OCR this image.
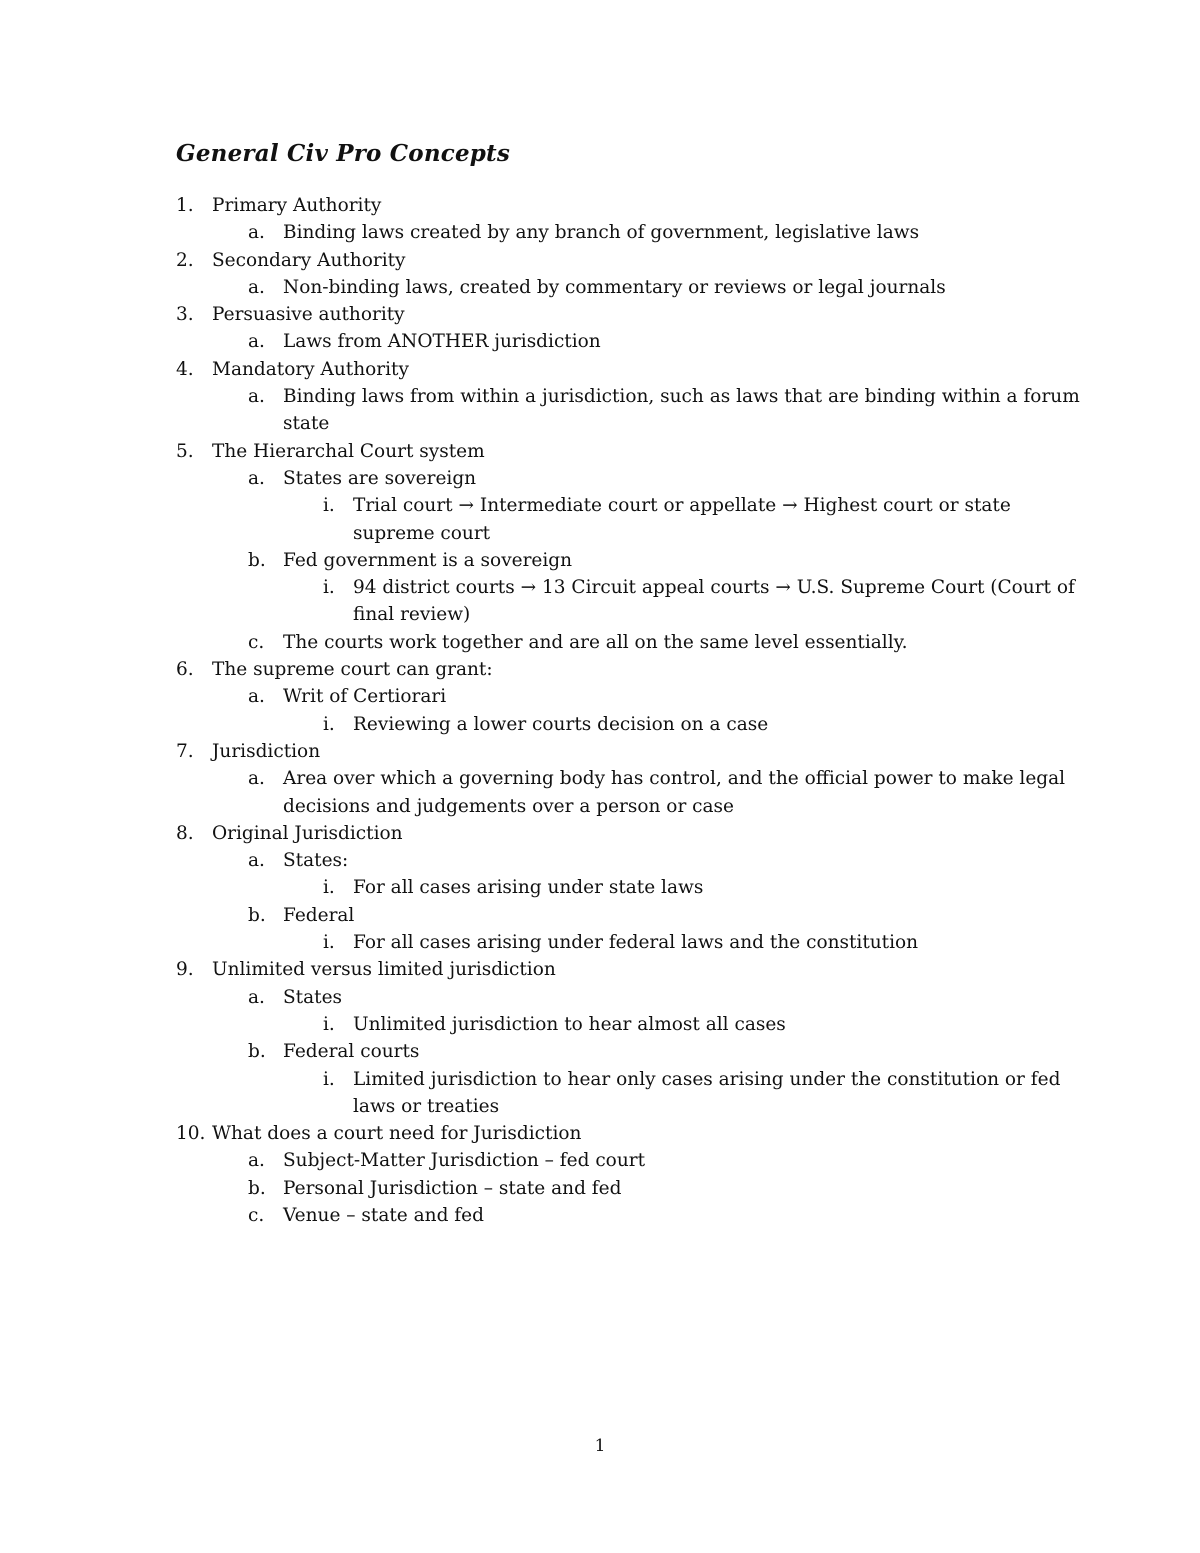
General Civ Pro Concepts
1. Primary Authority
a. Binding laws created by any branch of government, legislative laws
2. Secondary Authority
a. Non-binding laws, created by commentary or reviews or legal journals
3. Persuasive authority
a. Laws from ANOTHER jurisdiction
4. Mandatory Authority
a. Binding laws from within a jurisdiction, such as laws that are binding within a forum
state
5. The Hierarchal Court system
a. States are sovereign
i. Trial court → Intermediate court or appellate → Highest court or state
supreme court
b. Fed government is a sovereign
i. 94 district courts → 13 Circuit appeal courts → U.S. Supreme Court (Court of
final review)
c. The courts work together and are all on the same level essentially.
6. The supreme court can grant:
a. Writ of Certiorari
i. Reviewing a lower courts decision on a case
7. Jurisdiction
a. Area over which a governing body has control, and the official power to make legal
decisions and judgements over a person or case
8. Original Jurisdiction
a. States:
i. For all cases arising under state laws
b. Federal
i. For all cases arising under federal laws and the constitution
9. Unlimited versus limited jurisdiction
a. States
i. Unlimited jurisdiction to hear almost all cases
b. Federal courts
i. Limited jurisdiction to hear only cases arising under the constitution or fed
laws or treaties
10. What does a court need for Jurisdiction
a. Subject-Matter Jurisdiction – fed court
b. Personal Jurisdiction – state and fed
c. Venue – state and fed
1
